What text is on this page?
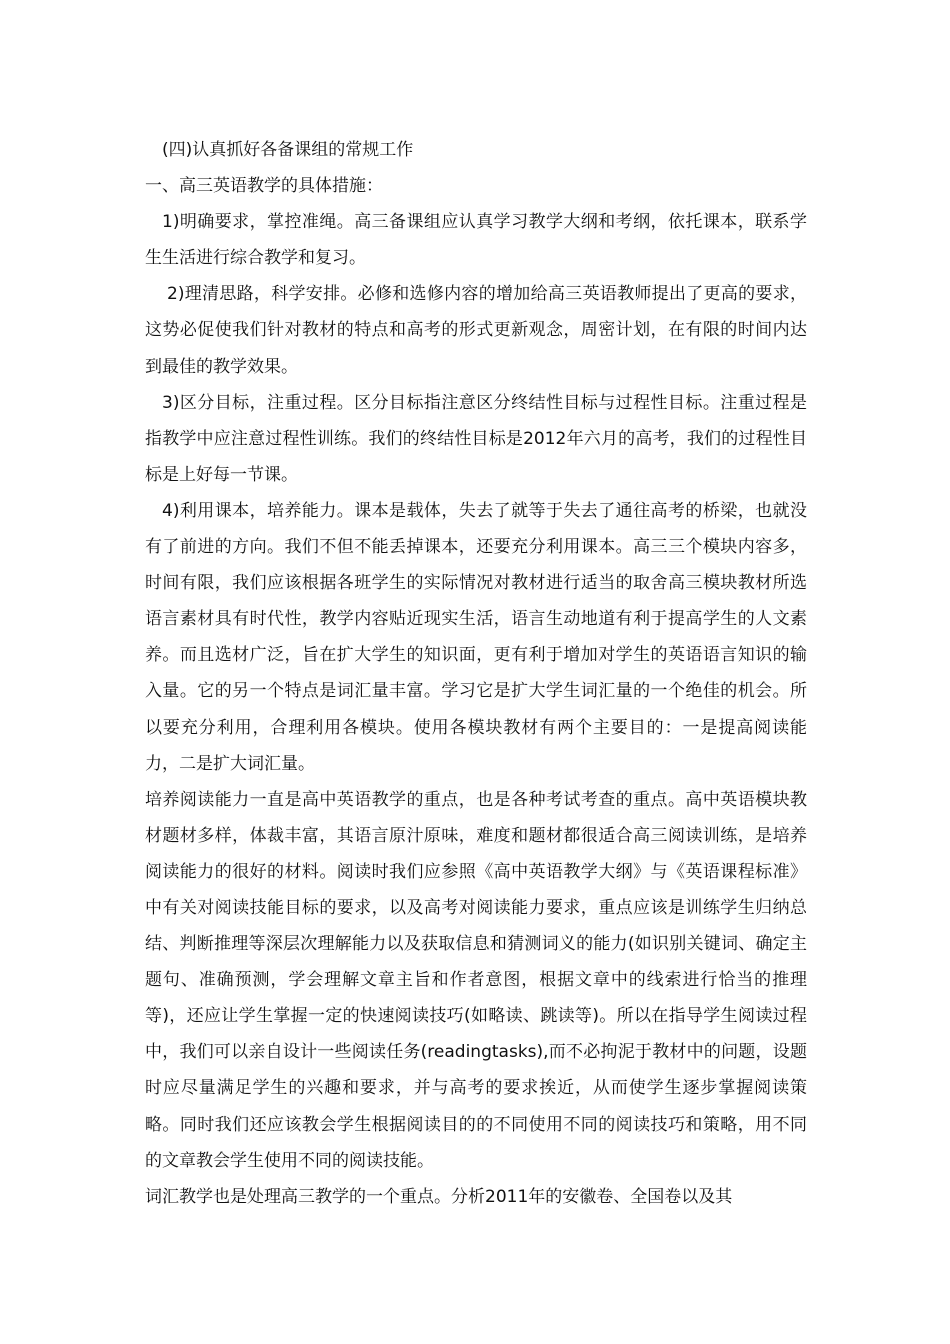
(四)认真抓好各备课组的常规工作

一、高三英语教学的具体措施：

1)明确要求，掌控准绳。高三备课组应认真学习教学大纲和考纲，依托课本，联系学生生活进行综合教学和复习。

2)理清思路，科学安排。必修和选修内容的增加给高三英语教师提出了更高的要求，这势必促使我们针对教材的特点和高考的形式更新观念，周密计划，在有限的时间内达到最佳的教学效果。

3)区分目标，注重过程。区分目标指注意区分终结性目标与过程性目标。注重过程是指教学中应注意过程性训练。我们的终结性目标是2012年六月的高考，我们的过程性目标是上好每一节课。

4)利用课本，培养能力。课本是载体，失去了就等于失去了通往高考的桥梁，也就没有了前进的方向。我们不但不能丢掉课本，还要充分利用课本。高三三个模块内容多，时间有限，我们应该根据各班学生的实际情况对教材进行适当的取舍高三模块教材所选语言素材具有时代性，教学内容贴近现实生活，语言生动地道有利于提高学生的人文素养。而且选材广泛，旨在扩大学生的知识面，更有利于增加对学生的英语语言知识的输入量。它的另一个特点是词汇量丰富。学习它是扩大学生词汇量的一个绝佳的机会。所以要充分利用，合理利用各模块。使用各模块教材有两个主要目的：一是提高阅读能力，二是扩大词汇量。

培养阅读能力一直是高中英语教学的重点，也是各种考试考查的重点。高中英语模块教材题材多样，体裁丰富，其语言原汁原味，难度和题材都很适合高三阅读训练，是培养阅读能力的很好的材料。阅读时我们应参照《高中英语教学大纲》与《英语课程标准》中有关对阅读技能目标的要求，以及高考对阅读能力要求，重点应该是训练学生归纳总结、判断推理等深层次理解能力以及获取信息和猜测词义的能力(如识别关键词、确定主题句、准确预测，学会理解文章主旨和作者意图，根据文章中的线索进行恰当的推理等)，还应让学生掌握一定的快速阅读技巧(如略读、跳读等)。所以在指导学生阅读过程中，我们可以亲自设计一些阅读任务(readingtasks),而不必拘泥于教材中的问题，设题时应尽量满足学生的兴趣和要求，并与高考的要求挨近，从而使学生逐步掌握阅读策略。同时我们还应该教会学生根据阅读目的的不同使用不同的阅读技巧和策略，用不同的文章教会学生使用不同的阅读技能。

词汇教学也是处理高三教学的一个重点。分析2011年的安徽卷、全国卷以及其
